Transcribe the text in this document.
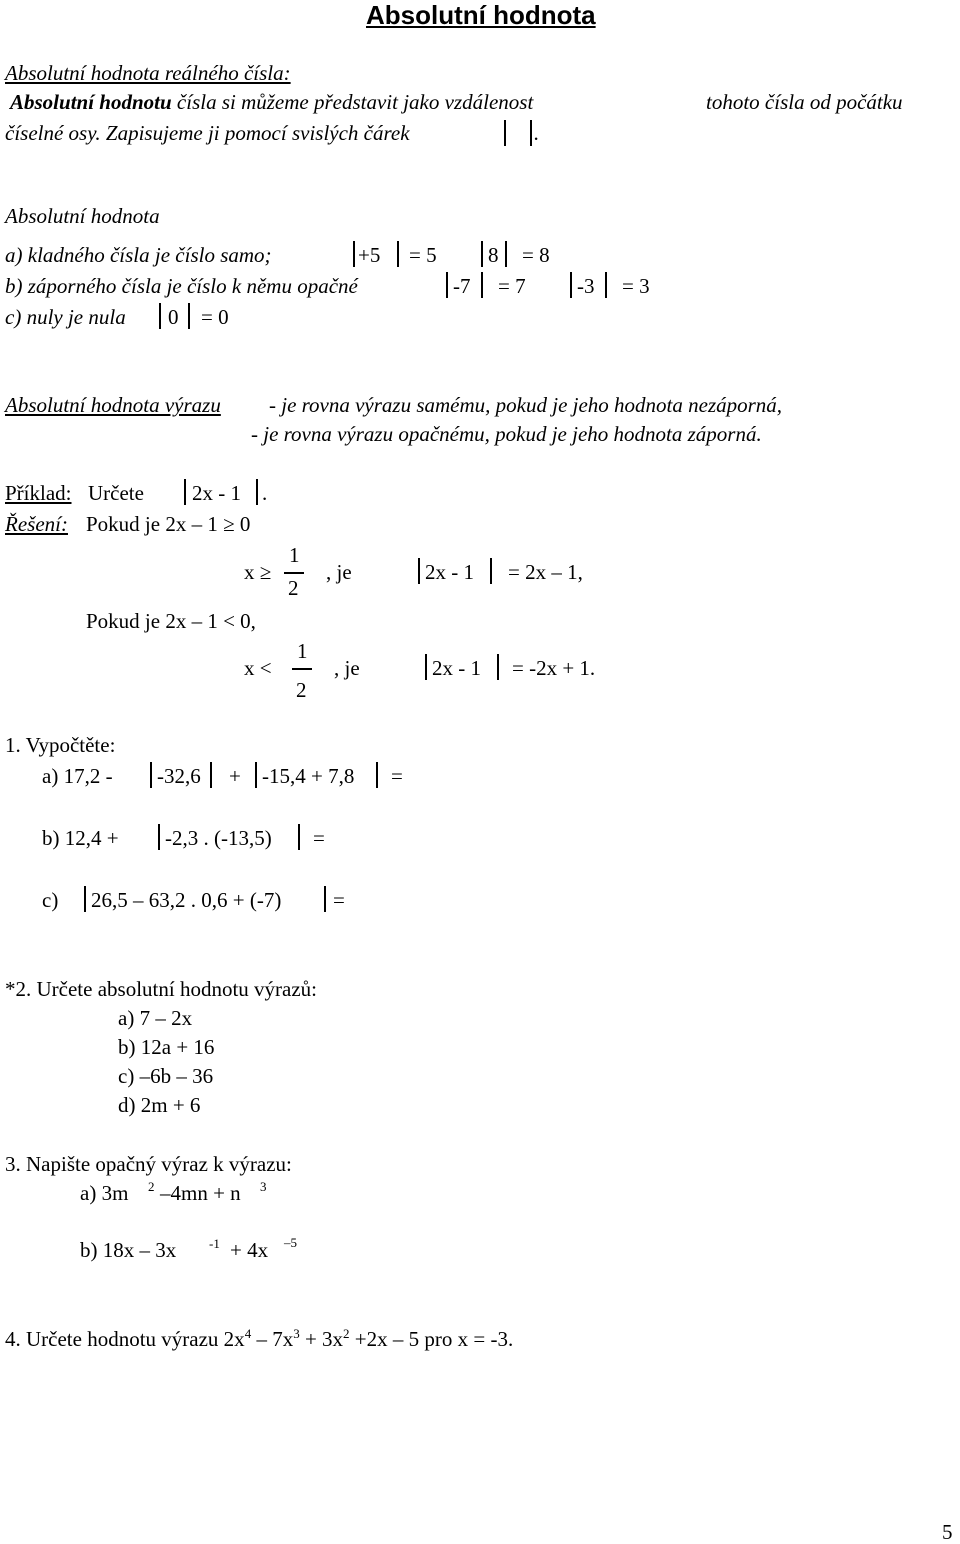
Absolutní hodnota
Absolutní hodnota reálného čísla:
Absolutní hodnotu čísla si můžeme představit jako vzdálenost	tohoto čísla od počátku
číselné osy. Zapisujeme ji pomocí svislých čárek	.
Absolutní hodnota
a) kladného čísla je číslo samo;	+5 = 5 8 = 8
b) záporného čísla je číslo k němu opačné	-7 = 7 -3 = 3
c) nuly je nula 0 = 0
Absolutní hodnota výrazu - je rovna výrazu samému, pokud je jeho hodnota nezáporná,
- je rovna výrazu opačnému, pokud je jeho hodnota záporná.
Příklad: Určete 2x - 1 .
Řešení: Pokud je 2x – 1 ≥ 0
x ≥
1
2
, je	2x - 1 = 2x – 1,
Pokud je 2x – 1 < 0,
x <
1
2
, je	2x - 1 = -2x + 1.
1. Vypočtěte:
a) 17,2 - -32,6 + -15,4 + 7,8 =
b) 12,4 + -2,3 . (-13,5) =
c) 26,5 – 63,2 . 0,6 + (-7) =
*2. Určete absolutní hodnotu výrazů:
a) 7 – 2x
b) 12a + 16
c) –6b – 36
d) 2m + 6
3. Napište opačný výraz k výrazu:
a) 3m 2 –4mn + n 3
b) 18x – 3x	-1 + 4x –5
4. Určete hodnotu výrazu $2x^4 - 7x^3 + 3x^2 +2x - 5$ pro x = -3.
5
